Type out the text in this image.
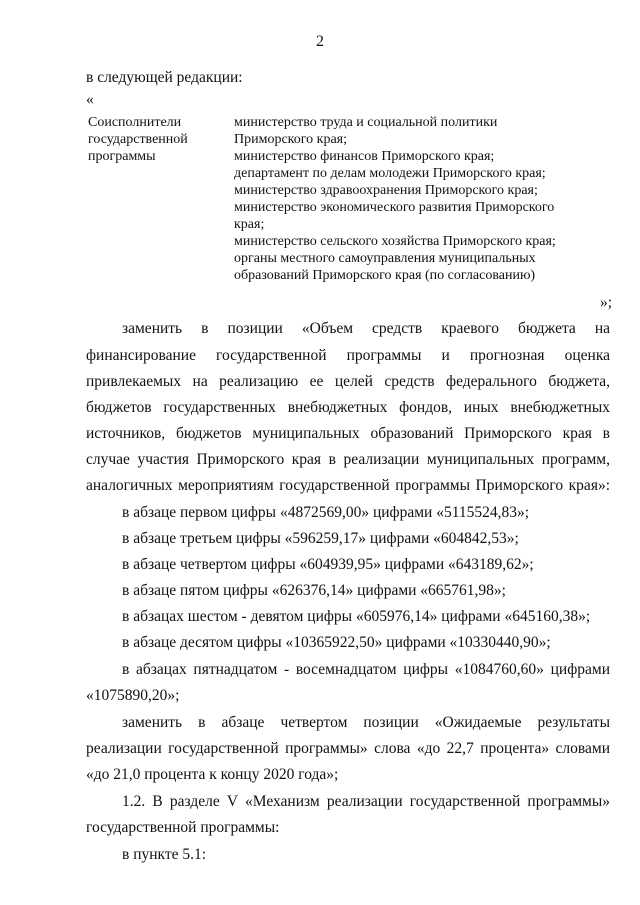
2
в следующей редакции:
«
Соисполнители
государственной
программы
министерство труда и социальной политики
Приморского края;
министерство финансов Приморского края;
департамент по делам молодежи Приморского края;
министерство здравоохранения Приморского края;
министерство экономического развития Приморского
края;
министерство сельского хозяйства Приморского края;
органы местного самоуправления муниципальных
образований Приморского края (по согласованию)
»;
заменить в позиции «Объем средств краевого бюджета на
финансирование государственной программы и прогнозная оценка
привлекаемых на реализацию ее целей средств федерального бюджета,
бюджетов государственных внебюджетных фондов, иных внебюджетных
источников, бюджетов муниципальных образований Приморского края в
случае участия Приморского края в реализации муниципальных программ,
аналогичных мероприятиям государственной программы Приморского края»:
в абзаце первом цифры «4872569,00» цифрами «5115524,83»;
в абзаце третьем цифры «596259,17» цифрами «604842,53»;
в абзаце четвертом цифры «604939,95» цифрами «643189,62»;
в абзаце пятом цифры «626376,14» цифрами «665761,98»;
в абзацах шестом - девятом цифры «605976,14» цифрами «645160,38»;
в абзаце десятом цифры «10365922,50» цифрами «10330440,90»;
в абзацах пятнадцатом - восемнадцатом цифры «1084760,60» цифрами
«1075890,20»;
заменить в абзаце четвертом позиции «Ожидаемые результаты
реализации государственной программы» слова «до 22,7 процента» словами
«до 21,0 процента к концу 2020 года»;
1.2. В разделе V «Механизм реализации государственной программы»
государственной программы:
в пункте 5.1:
